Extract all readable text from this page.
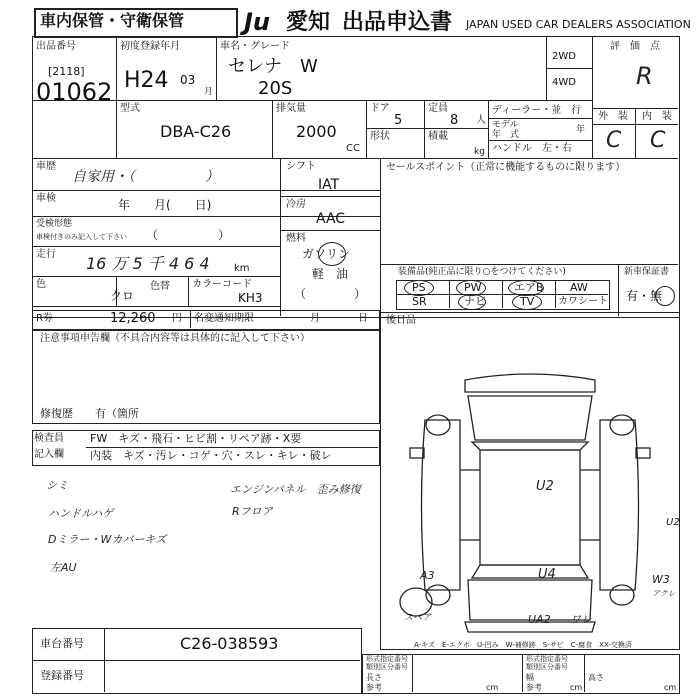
車内保管・守衛保管 Ju 愛知 出品申込書 JAPAN USED CAR DEALERS ASSOCIATION
出品番号
[2118]
01062
初度登録年月
H24 03
月
車名・グレード
セレナ　W
20S
2WD
4WD
評　価　点
R
外　装 内　装
C C
型式
DBA-C26
排気量
2000
CC
ドア
5
定員
8 人
形状	積載
kg
ディーラー・並　行
モデル
年　式	年
ハンドル　左・右
車歴
自家用・（　　　　　）
シフト
IAT
車検	年　　月(　　日)	冷房
AAC
受検形態
車検付きのみ記入して下さい （　　　　　）	燃料
ガソリン
軽　油
（　　　　）
走行 16 万 5 千 4 6 4 km
色
クロ
色替 カラーコード
KH3
セールスポイント（正常に機能するものに限ります）
装備品(純正品に限り○をつけてください)
PS	PW	エアB AW
SR	ナビ	TV カワシート
新車保証書
有・無
R券	12,260 円 名変通知期限	月	日
注意事項申告欄（不具合内容等は具体的に記入して下さい）
修復歴　　有（箇所
後日品
検査員
記入欄
FW　キズ・飛石・ヒビ割・リペア跡・X要
内装　キズ・汚レ・コゲ・穴・スレ・キレ・破レ
シミ
ハンドルハゲ
Dミラー・Wカバーキズ
左AU
エンジンパネル　歪み修復
Rフロア
U2
U4
UA2 ワレ
A3	W3
アクレ
スペア
U2
A-キズ　E-エクボ　U-凹み　W-補修跡　S-サビ　C-腐食　XX-交換済
車台番号	C26-038593
登録番号
形式指定番号
類別区分番号
形式指定番号
類別区分番号
長さ
参考	cm
幅
参考	cm
高さ
cm
